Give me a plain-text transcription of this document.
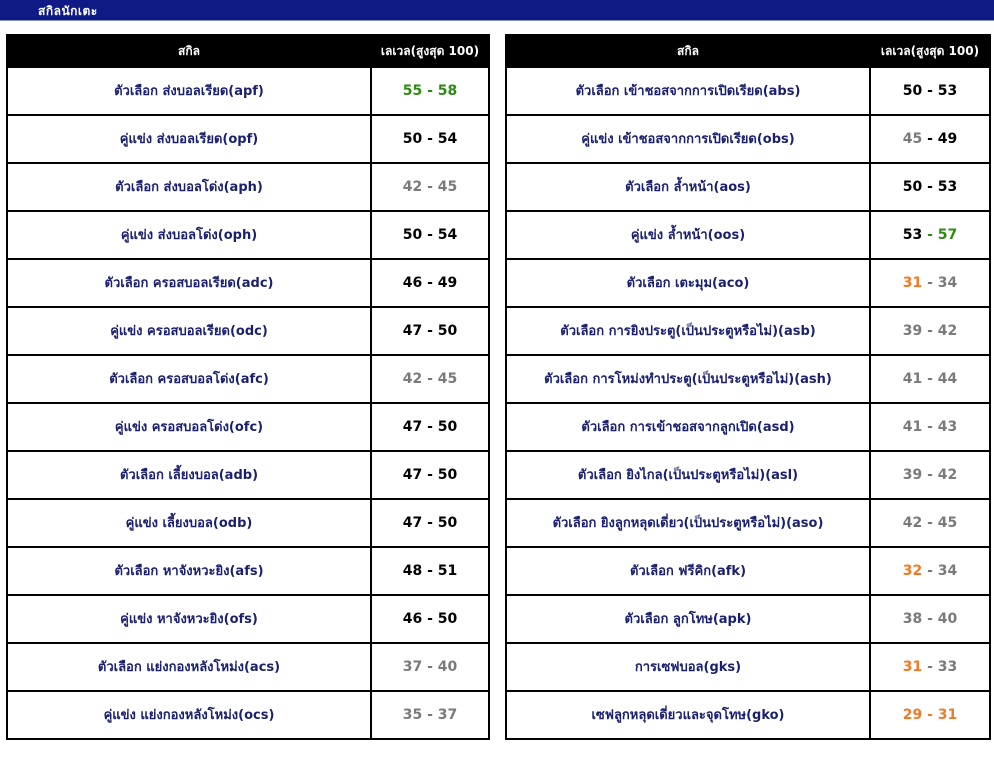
สกิลนักเตะ
สกิล	เลเวล(สูงสุด 100)
ตัวเลือก ส่งบอลเรียด(apf)	55 - 58
คู่แข่ง ส่งบอลเรียด(opf)	50 - 54
ตัวเลือก ส่งบอลโด่ง(aph)	42 - 45
คู่แข่ง ส่งบอลโด่ง(oph)	50 - 54
ตัวเลือก ครอสบอลเรียด(adc)	46 - 49
คู่แข่ง ครอสบอลเรียด(odc)	47 - 50
ตัวเลือก ครอสบอลโด่ง(afc)	42 - 45
คู่แข่ง ครอสบอลโด่ง(ofc)	47 - 50
ตัวเลือก เลี้ยงบอล(adb)	47 - 50
คู่แข่ง เลี้ยงบอล(odb)	47 - 50
ตัวเลือก หาจังหวะยิง(afs)	48 - 51
คู่แข่ง หาจังหวะยิง(ofs)	46 - 50
ตัวเลือก แย่งกองหลังโหม่ง(acs)	37 - 40
คู่แข่ง แย่งกองหลังโหม่ง(ocs)	35 - 37
สกิล	เลเวล(สูงสุด 100)
ตัวเลือก เข้าชอสจากการเปิดเรียด(abs)	50 - 53
คู่แข่ง เข้าชอสจากการเปิดเรียด(obs)	45 - 49
ตัวเลือก ล้ำหน้า(aos)	50 - 53
คู่แข่ง ล้ำหน้า(oos)	53 - 57
ตัวเลือก เตะมุม(aco)	31 - 34
ตัวเลือก การยิงประตู(เป็นประตูหรือไม่)(asb)	39 - 42
ตัวเลือก การโหม่งทำประตู(เป็นประตูหรือไม่)(ash)	41 - 44
ตัวเลือก การเข้าชอสจากลูกเปิด(asd)	41 - 43
ตัวเลือก ยิงไกล(เป็นประตูหรือไม่)(asl)	39 - 42
ตัวเลือก ยิงลูกหลุดเดี่ยว(เป็นประตูหรือไม่)(aso)	42 - 45
ตัวเลือก ฟรีคิก(afk)	32 - 34
ตัวเลือก ลูกโทษ(apk)	38 - 40
การเซฟบอล(gks)	31 - 33
เซฟลูกหลุดเดี่ยวและจุดโทษ(gko)	29 - 31
